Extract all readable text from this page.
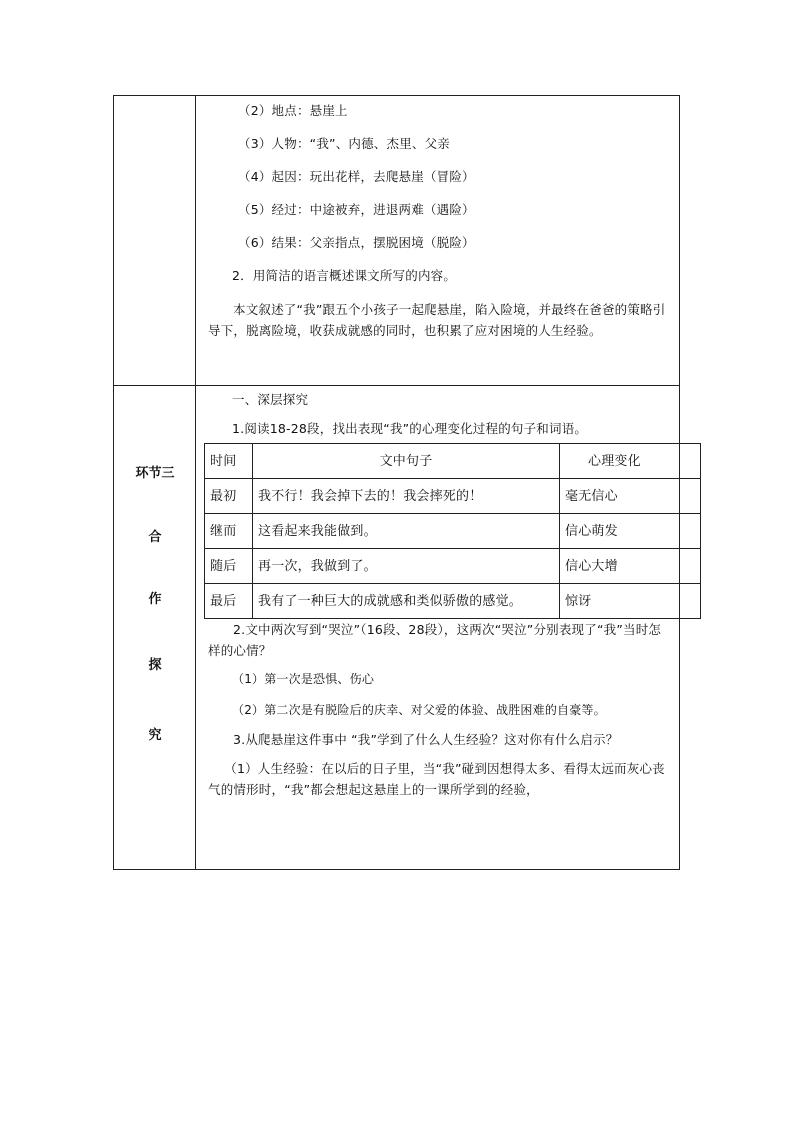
（2）地点：悬崖上

（3）人物：“我”、内德、杰里、父亲

（4）起因：玩出花样，去爬悬崖（冒险）

（5）经过：中途被弃，进退两难（遇险）

（6）结果：父亲指点，摆脱困境（脱险）

2．用简洁的语言概述课文所写的内容。

本文叙述了“我”跟五个小孩子一起爬悬崖，陷入险境，并最终在爸爸的策略引导下，脱离险境，收获成就感的同时，也积累了应对困境的人生经验。

环节三
合
作
探
究

一、深层探究

1.阅读18-28段，找出表现“我”的心理变化过程的句子和词语。

时间	文中句子	心理变化
最初	我不行！我会掉下去的！我会摔死的！	毫无信心
继而	这看起来我能做到。	信心萌发
随后	再一次，我做到了。	信心大增
最后	我有了一种巨大的成就感和类似骄傲的感觉。	惊讶

2.文中两次写到“哭泣”（16段、28段），这两次“哭泣”分别表现了“我”当时怎样的心情？

（1）第一次是恐惧、伤心

（2）第二次是有脱险后的庆幸、对父爱的体验、战胜困难的自豪等。

3.从爬悬崖这件事中 “我”学到了什么人生经验？这对你有什么启示？

（1）人生经验：在以后的日子里，当“我”碰到因想得太多、看得太远而灰心丧气的情形时，“我”都会想起这悬崖上的一课所学到的经验，
